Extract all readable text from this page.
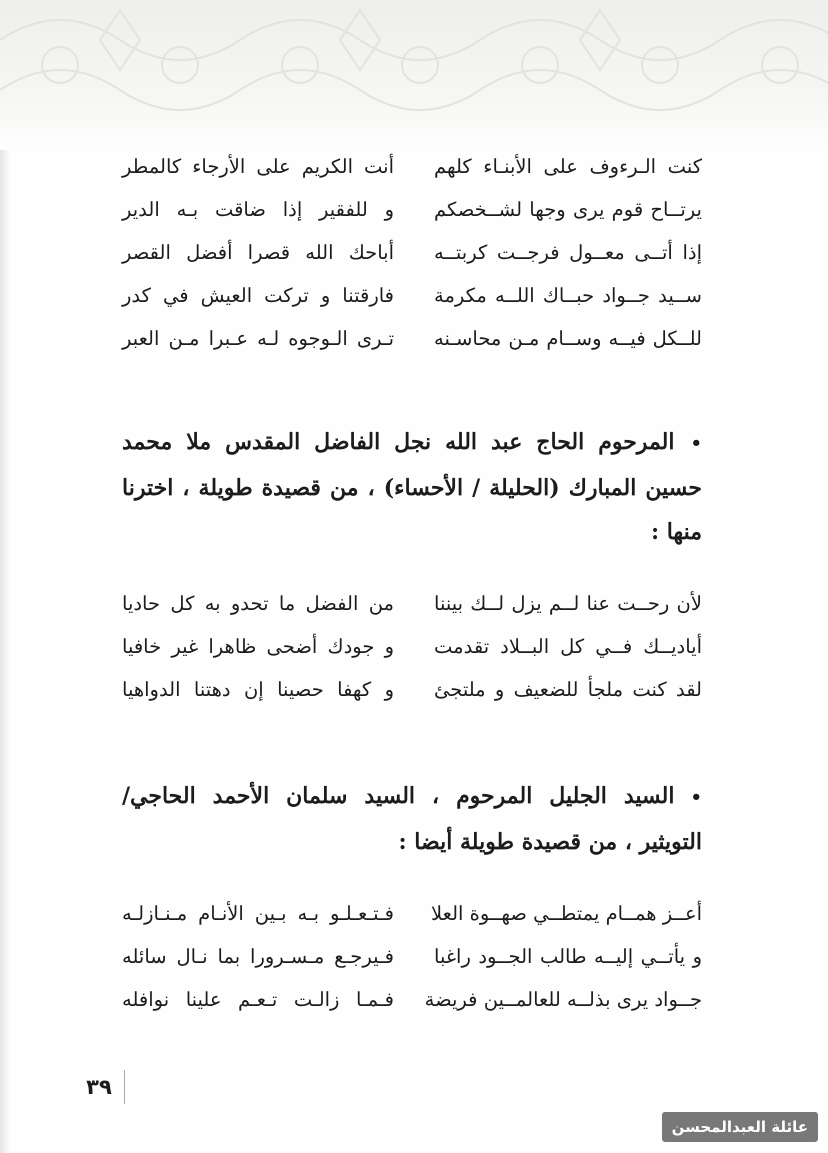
كنت الـرءوف على الأبنـاء كلهم
أنت الكريم على الأرجاء كالمطر
يرتــاح قوم يرى وجها لشــخصكم
و للفقير إذا ضاقت بـه الدير
إذا أتــى معــول فرجــت كربتــه
أباحك الله قصرا أفضل القصر
ســيد جــواد حبــاك اللــه مكرمة
فارقتنا و تركت العيش في كدر
للــكل فيــه وســام مـن محاسـنه
تـرى الـوجوه لـه عـبرا مـن العبر
•المرحوم الحاج عبد الله نجل الفاضل المقدس ملا محمد حسين المبارك (الحليلة / الأحساء) ، من قصيدة طويلة ، اخترنا منها :
لأن رحــت عنا لــم يزل لــك بيننا
من الفضل ما تحدو به كل حاديا
أياديــك فــي كل البــلاد تقدمت
و جودك أضحى ظاهرا غير خافيا
لقد كنت ملجأ للضعيف و ملتجئ
و كهفا حصينا إن دهتنا الدواهيا
•السيد الجليل المرحوم ، السيد سلمان الأحمد الحاجي/ التويثير ، من قصيدة طويلة أيضا :
أعــز همــام يمتطــي صهــوة العلا
فـتـعـلـو بـه بـين الأنـام مـنـازلـه
و يأتــي إليــه طالب الجــود راغبا
فـيرجـع مـسـرورا بما نـال سائله
جــواد يرى بذلــه للعالمــين فريضة
فـمـا زالـت تـعـم علينا نوافله
٣٩
عائلة العبدالمحسن
